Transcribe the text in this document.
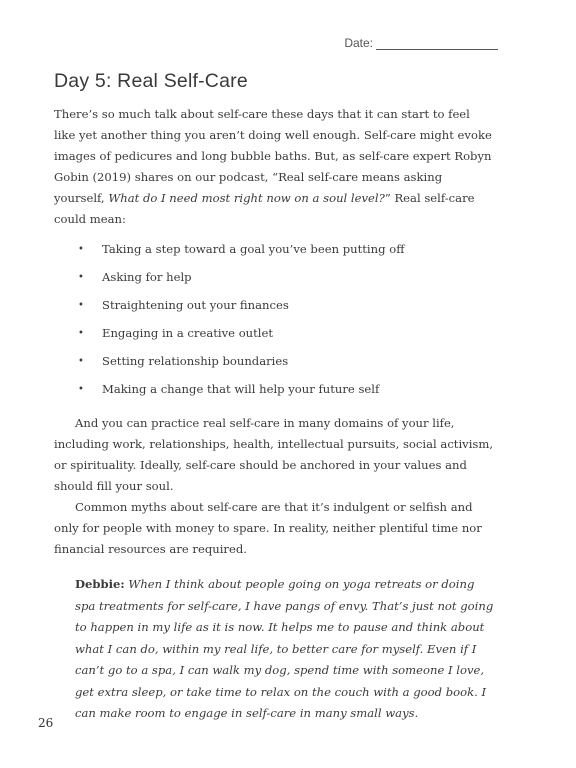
Date:
Day 5: Real Self-Care

There’s so much talk about self-care these days that it can start to feel like yet another thing you aren’t doing well enough. Self-care might evoke images of pedicures and long bubble baths. But, as self-care expert Robyn Gobin (2019) shares on our podcast, “Real self-care means asking yourself, What do I need most right now on a soul level?” Real self-care could mean:

• Taking a step toward a goal you’ve been putting off
• Asking for help
• Straightening out your finances
• Engaging in a creative outlet
• Setting relationship boundaries
• Making a change that will help your future self

And you can practice real self-care in many domains of your life, including work, relationships, health, intellectual pursuits, social activism, or spirituality. Ideally, self-care should be anchored in your values and should fill your soul.

Common myths about self-care are that it’s indulgent or selfish and only for people with money to spare. In reality, neither plentiful time nor financial resources are required.

Debbie: When I think about people going on yoga retreats or doing spa treatments for self-care, I have pangs of envy. That’s just not going to happen in my life as it is now. It helps me to pause and think about what I can do, within my real life, to better care for myself. Even if I can’t go to a spa, I can walk my dog, spend time with someone I love, get extra sleep, or take time to relax on the couch with a good book. I can make room to engage in self-care in many small ways.

26
